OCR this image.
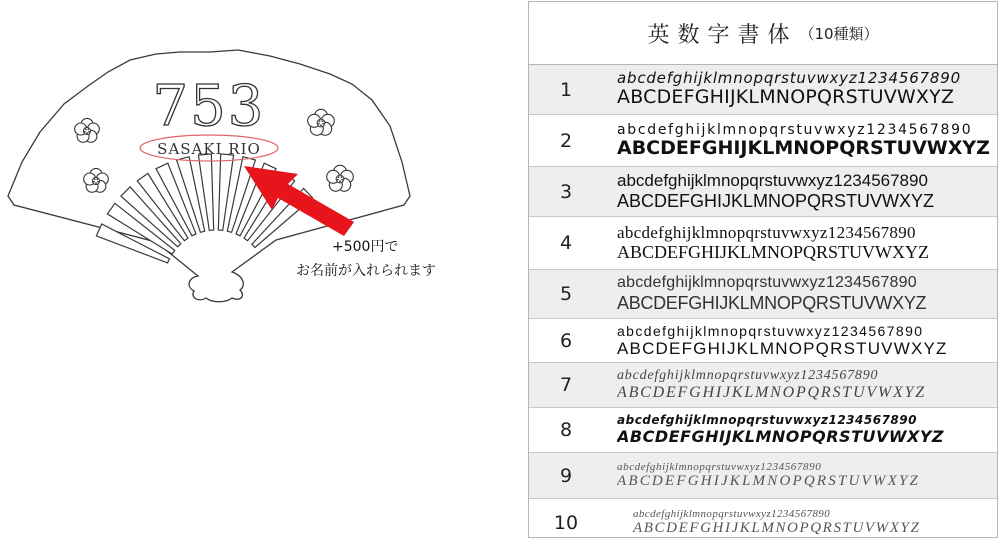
753
SASAKI RIO
+500円で
お名前が入れられます
英数字書体 （10種類）
1
abcdefghijklmnopqrstuvwxyz1234567890
ABCDEFGHIJKLMNOPQRSTUVWXYZ
2	abcdefghijklmnopqrstuvwxyz1234567890
ABCDEFGHIJKLMNOPQRSTUVWXYZ
3	abcdefghijklmnopqrstuvwxyz1234567890
ABCDEFGHIJKLMNOPQRSTUVWXYZ
4	abcdefghijklmnopqrstuvwxyz1234567890
ABCDEFGHIJKLMNOPQRSTUVWXYZ
5
abcdefghijklmnopqrstuvwxyz1234567890
ABCDEFGHIJKLMNOPQRSTUVWXYZ
6	abcdefghijklmnopqrstuvwxyz1234567890
ABCDEFGHIJKLMNOPQRSTUVWXYZ
7	abcdefghijklmnopqrstuvwxyz1234567890
ABCDEFGHIJKLMNOPQRSTUVWXYZ
8	abcdefghijklmnopqrstuvwxyz1234567890
ABCDEFGHIJKLMNOPQRSTUVWXYZ
9	abcdefghijklmnopqrstuvwxyz1234567890
ABCDEFGHIJKLMNOPQRSTUVWXYZ
10	abcdefghijklmnopqrstuvwxyz1234567890
ABCDEFGHIJKLMNOPQRSTUVWXYZ
